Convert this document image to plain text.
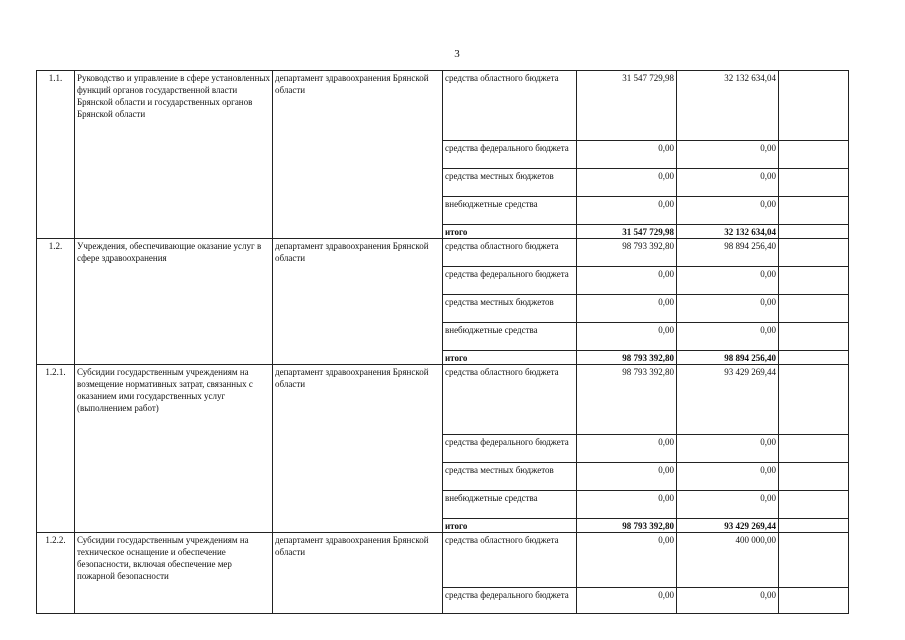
3
1.1.	Руководство и управление в сфере установленных функций органов государственной власти Брянской области и государственных органов Брянской области	департамент здравоохранения Брянской области	средства областного бюджета	31 547 729,98	32 132 634,04	
			средства федерального бюджета	0,00	0,00	
			средства местных бюджетов	0,00	0,00	
			внебюджетные средства	0,00	0,00	
			итого	31 547 729,98	32 132 634,04	
1.2.	Учреждения, обеспечивающие оказание услуг в сфере здравоохранения	департамент здравоохранения Брянской области	средства областного бюджета	98 793 392,80	98 894 256,40	
			средства федерального бюджета	0,00	0,00	
			средства местных бюджетов	0,00	0,00	
			внебюджетные средства	0,00	0,00	
			итого	98 793 392,80	98 894 256,40	
1.2.1.	Субсидии государственным учреждениям на возмещение нормативных затрат, связанных с оказанием ими государственных услуг (выполнением работ)	департамент здравоохранения Брянской области	средства областного бюджета	98 793 392,80	93 429 269,44	
			средства федерального бюджета	0,00	0,00	
			средства местных бюджетов	0,00	0,00	
			внебюджетные средства	0,00	0,00	
			итого	98 793 392,80	93 429 269,44	
1.2.2.	Субсидии государственным учреждениям на техническое оснащение и обеспечение безопасности, включая обеспечение мер пожарной безопасности	департамент здравоохранения Брянской области	средства областного бюджета	0,00	400 000,00	
			средства федерального бюджета	0,00	0,00	
